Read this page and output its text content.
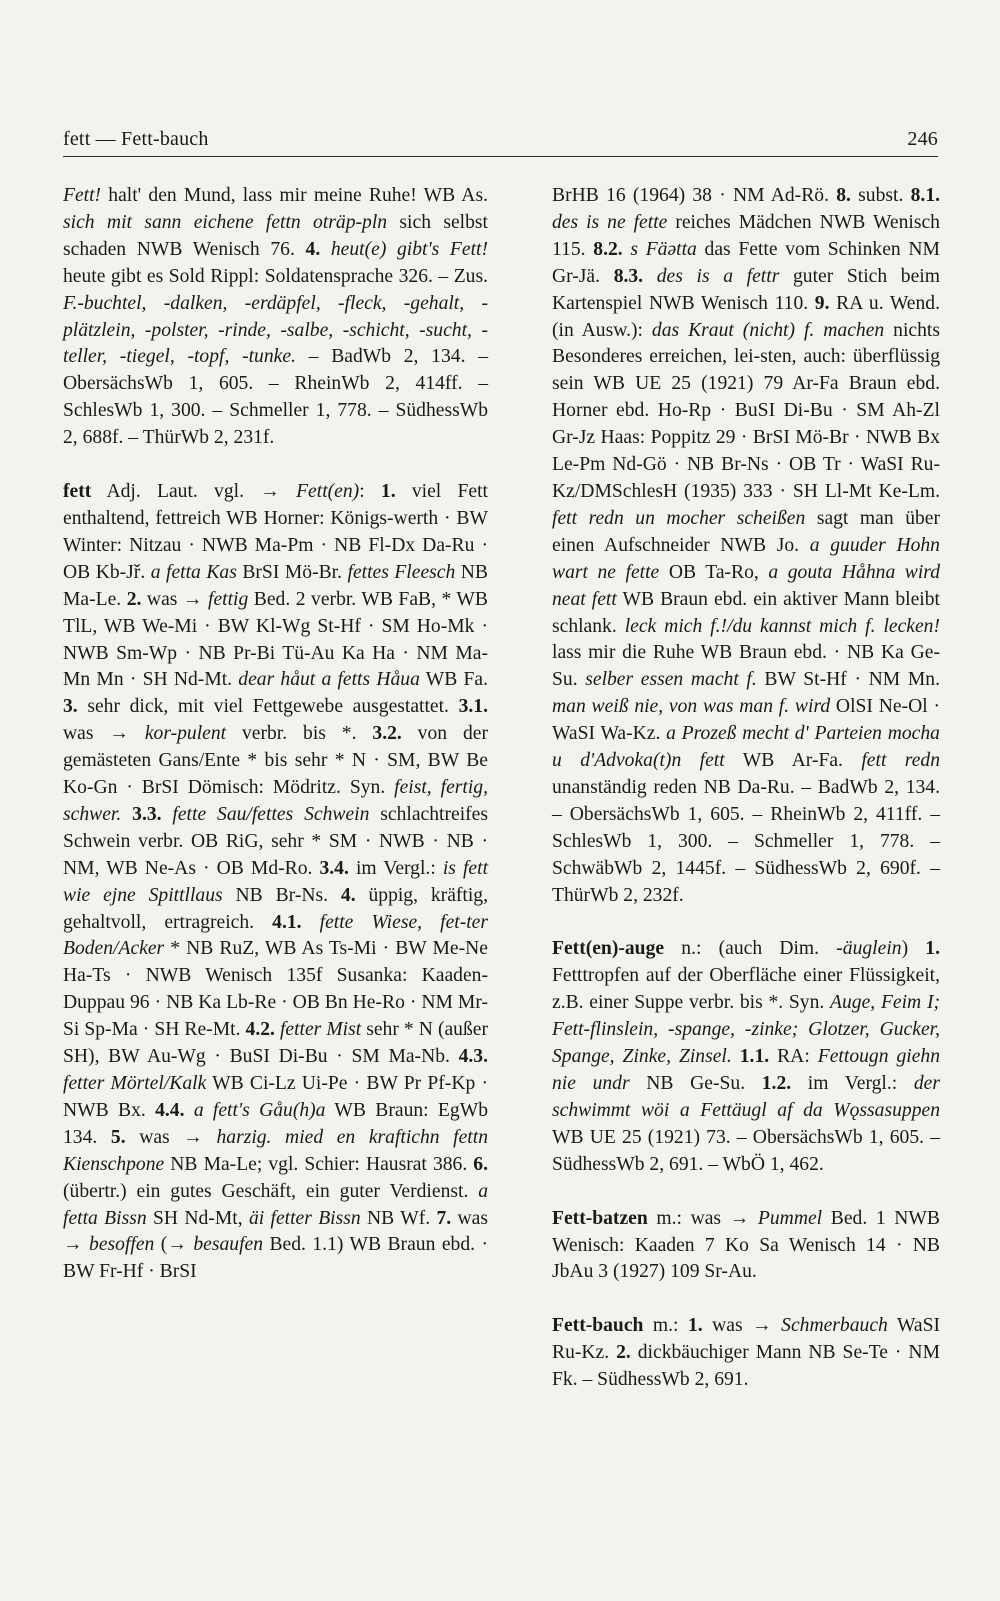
fett — Fett-bauch	246

Fett! halt' den Mund, lass mir meine Ruhe! WB As. sich mit sann eichene fettn oträp-pln sich selbst schaden NWB Wenisch 76. 4. heut(e) gibt's Fett! heute gibt es Sold Rippl: Soldatensprache 326. – Zus. F.-buchtel, -dalken, -erdäpfel, -fleck, -gehalt, -plätzlein, -polster, -rinde, -salbe, -schicht, -sucht, -teller, -tiegel, -topf, -tunke. – BadWb 2, 134. – ObersächsWb 1, 605. – RheinWb 2, 414ff. – SchlesWb 1, 300. – Schmeller 1, 778. – SüdhessWb 2, 688f. – ThürWb 2, 231f.

fett Adj. Laut. vgl. → Fett(en): 1. viel Fett enthaltend, fettreich WB Horner: Königs-werth · BW Winter: Nitzau · NWB Ma-Pm · NB Fl-Dx Da-Ru · OB Kb-Jř. a fetta Kas BrSI Mö-Br. fettes Fleesch NB Ma-Le. 2. was → fettig Bed. 2 verbr. WB FaB, * WB TlL, WB We-Mi · BW Kl-Wg St-Hf · SM Ho-Mk · NWB Sm-Wp · NB Pr-Bi Tü-Au Ka Ha · NM Ma-Mn Mn · SH Nd-Mt. dear håut a fetts Håua WB Fa. 3. sehr dick, mit viel Fettgewebe ausgestattet. 3.1. was → kor-pulent verbr. bis *. 3.2. von der gemästeten Gans/Ente * bis sehr * N · SM, BW Be Ko-Gn · BrSI Dömisch: Mödritz. Syn. feist, fertig, schwer. 3.3. fette Sau/fettes Schwein schlachtreifes Schwein verbr. OB RiG, sehr * SM · NWB · NB · NM, WB Ne-As · OB Md-Ro. 3.4. im Vergl.: is fett wie ejne Spittllaus NB Br-Ns. 4. üppig, kräftig, gehaltvoll, ertragreich. 4.1. fette Wiese, fet-ter Boden/Acker * NB RuZ, WB As Ts-Mi · BW Me-Ne Ha-Ts · NWB Wenisch 135f Susanka: Kaaden-Duppau 96 · NB Ka Lb-Re · OB Bn He-Ro · NM Mr-Si Sp-Ma · SH Re-Mt. 4.2. fetter Mist sehr * N (außer SH), BW Au-Wg · BuSI Di-Bu · SM Ma-Nb. 4.3. fetter Mörtel/Kalk WB Ci-Lz Ui-Pe · BW Pr Pf-Kp · NWB Bx. 4.4. a fett's Gåu(h)a WB Braun: EgWb 134. 5. was → harzig. mied en kraftichn fettn Kienschpone NB Ma-Le; vgl. Schier: Hausrat 386. 6. (übertr.) ein gutes Geschäft, ein guter Verdienst. a fetta Bissn SH Nd-Mt, äi fetter Bissn NB Wf. 7. was → besoffen (→ besaufen Bed. 1.1) WB Braun ebd. · BW Fr-Hf · BrSI

BrHB 16 (1964) 38 · NM Ad-Rö. 8. subst. 8.1. des is ne fette reiches Mädchen NWB Wenisch 115. 8.2. s Fäətta das Fette vom Schinken NM Gr-Jä. 8.3. des is a fettr guter Stich beim Kartenspiel NWB Wenisch 110. 9. RA u. Wend. (in Ausw.): das Kraut (nicht) f. machen nichts Besonderes erreichen, lei-sten, auch: überflüssig sein WB UE 25 (1921) 79 Ar-Fa Braun ebd. Horner ebd. Ho-Rp · BuSI Di-Bu · SM Ah-Zl Gr-Jz Haas: Poppitz 29 · BrSI Mö-Br · NWB Bx Le-Pm Nd-Gö · NB Br-Ns · OB Tr · WaSI Ru-Kz/DMSchlesH (1935) 333 · SH Ll-Mt Ke-Lm. fett redn un mocher scheißen sagt man über einen Aufschneider NWB Jo. a guuder Hohn wart ne fette OB Ta-Ro, a gouta Håhna wird neat fett WB Braun ebd. ein aktiver Mann bleibt schlank. leck mich f.!/du kannst mich f. lecken! lass mir die Ruhe WB Braun ebd. · NB Ka Ge-Su. selber essen macht f. BW St-Hf · NM Mn. man weiß nie, von was man f. wird OlSI Ne-Ol · WaSI Wa-Kz. a Prozeß mecht d' Parteien mocha u d'Advoka(t)n fett WB Ar-Fa. fett redn unanständig reden NB Da-Ru. – BadWb 2, 134. – ObersächsWb 1, 605. – RheinWb 2, 411ff. – SchlesWb 1, 300. – Schmeller 1, 778. – SchwäbWb 2, 1445f. – SüdhessWb 2, 690f. – ThürWb 2, 232f.

Fett(en)-auge n.: (auch Dim. -äuglein) 1. Fetttropfen auf der Oberfläche einer Flüssigkeit, z.B. einer Suppe verbr. bis *. Syn. Auge, Feim I; Fett-flinslein, -spange, -zinke; Glotzer, Gucker, Spange, Zinke, Zinsel. 1.1. RA: Fettougn giehn nie undr NB Ge-Su. 1.2. im Vergl.: der schwimmt wöi a Fettäugl af da Wǫssasuppen WB UE 25 (1921) 73. – ObersächsWb 1, 605. – SüdhessWb 2, 691. – WbÖ 1, 462.

Fett-batzen m.: was → Pummel Bed. 1 NWB Wenisch: Kaaden 7 Ko Sa Wenisch 14 · NB JbAu 3 (1927) 109 Sr-Au.

Fett-bauch m.: 1. was → Schmerbauch WaSI Ru-Kz. 2. dickbäuchiger Mann NB Se-Te · NM Fk. – SüdhessWb 2, 691.
